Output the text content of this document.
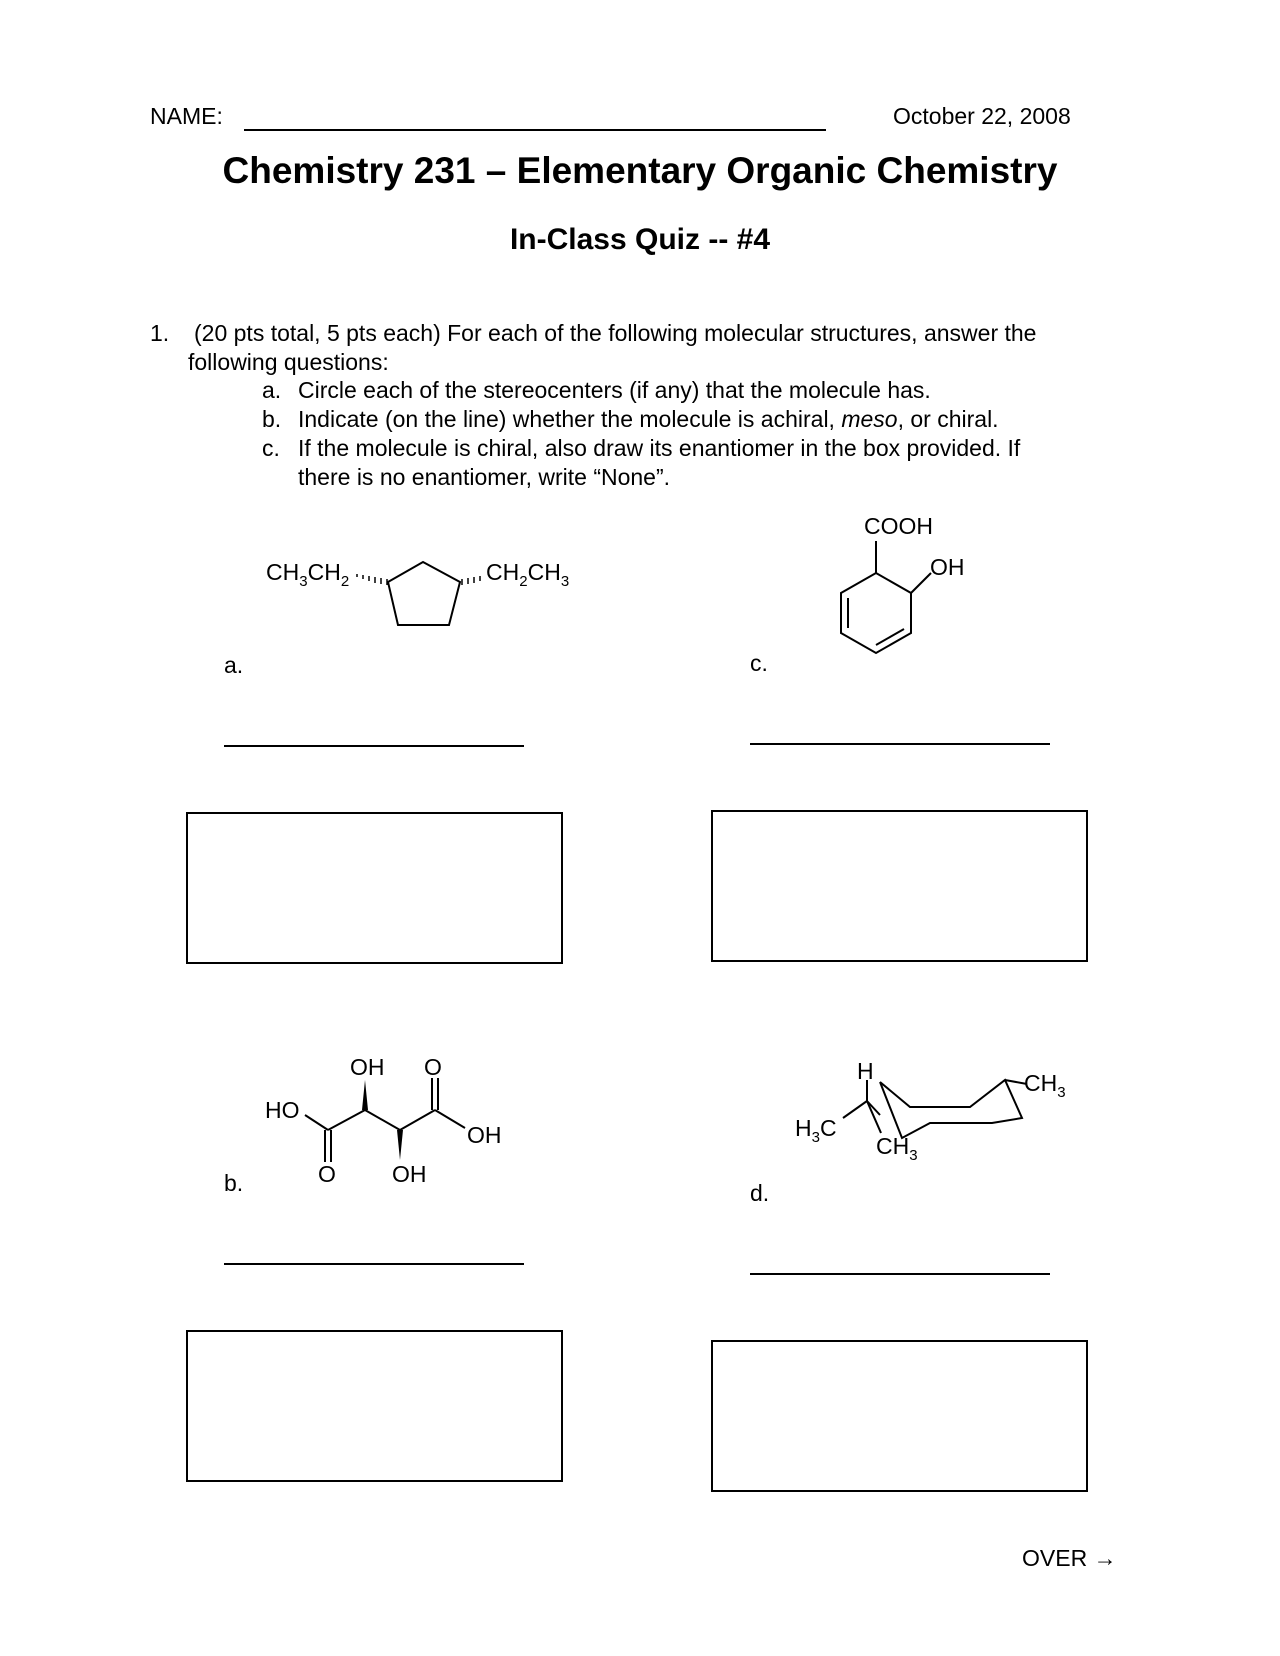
NAME:	October 22, 2008
Chemistry 231 – Elementary Organic Chemistry
In-Class Quiz -- #4
1. (20 pts total, 5 pts each) For each of the following molecular structures, answer the
following questions:
a. Circle each of the stereocenters (if any) that the molecule has.
b. Indicate (on the line) whether the molecule is achiral, meso, or chiral.
c. If the molecule is chiral, also draw its enantiomer in the box provided. If
there is no enantiomer, write “None”.
a.	c.
b.	d.
$CH_3CH_2$	$CH_2CH_3$
COOH
OH
OH O
HO
OH
O OH
H	$CH_3$
$H_3C$
$CH_3$
OVER →
